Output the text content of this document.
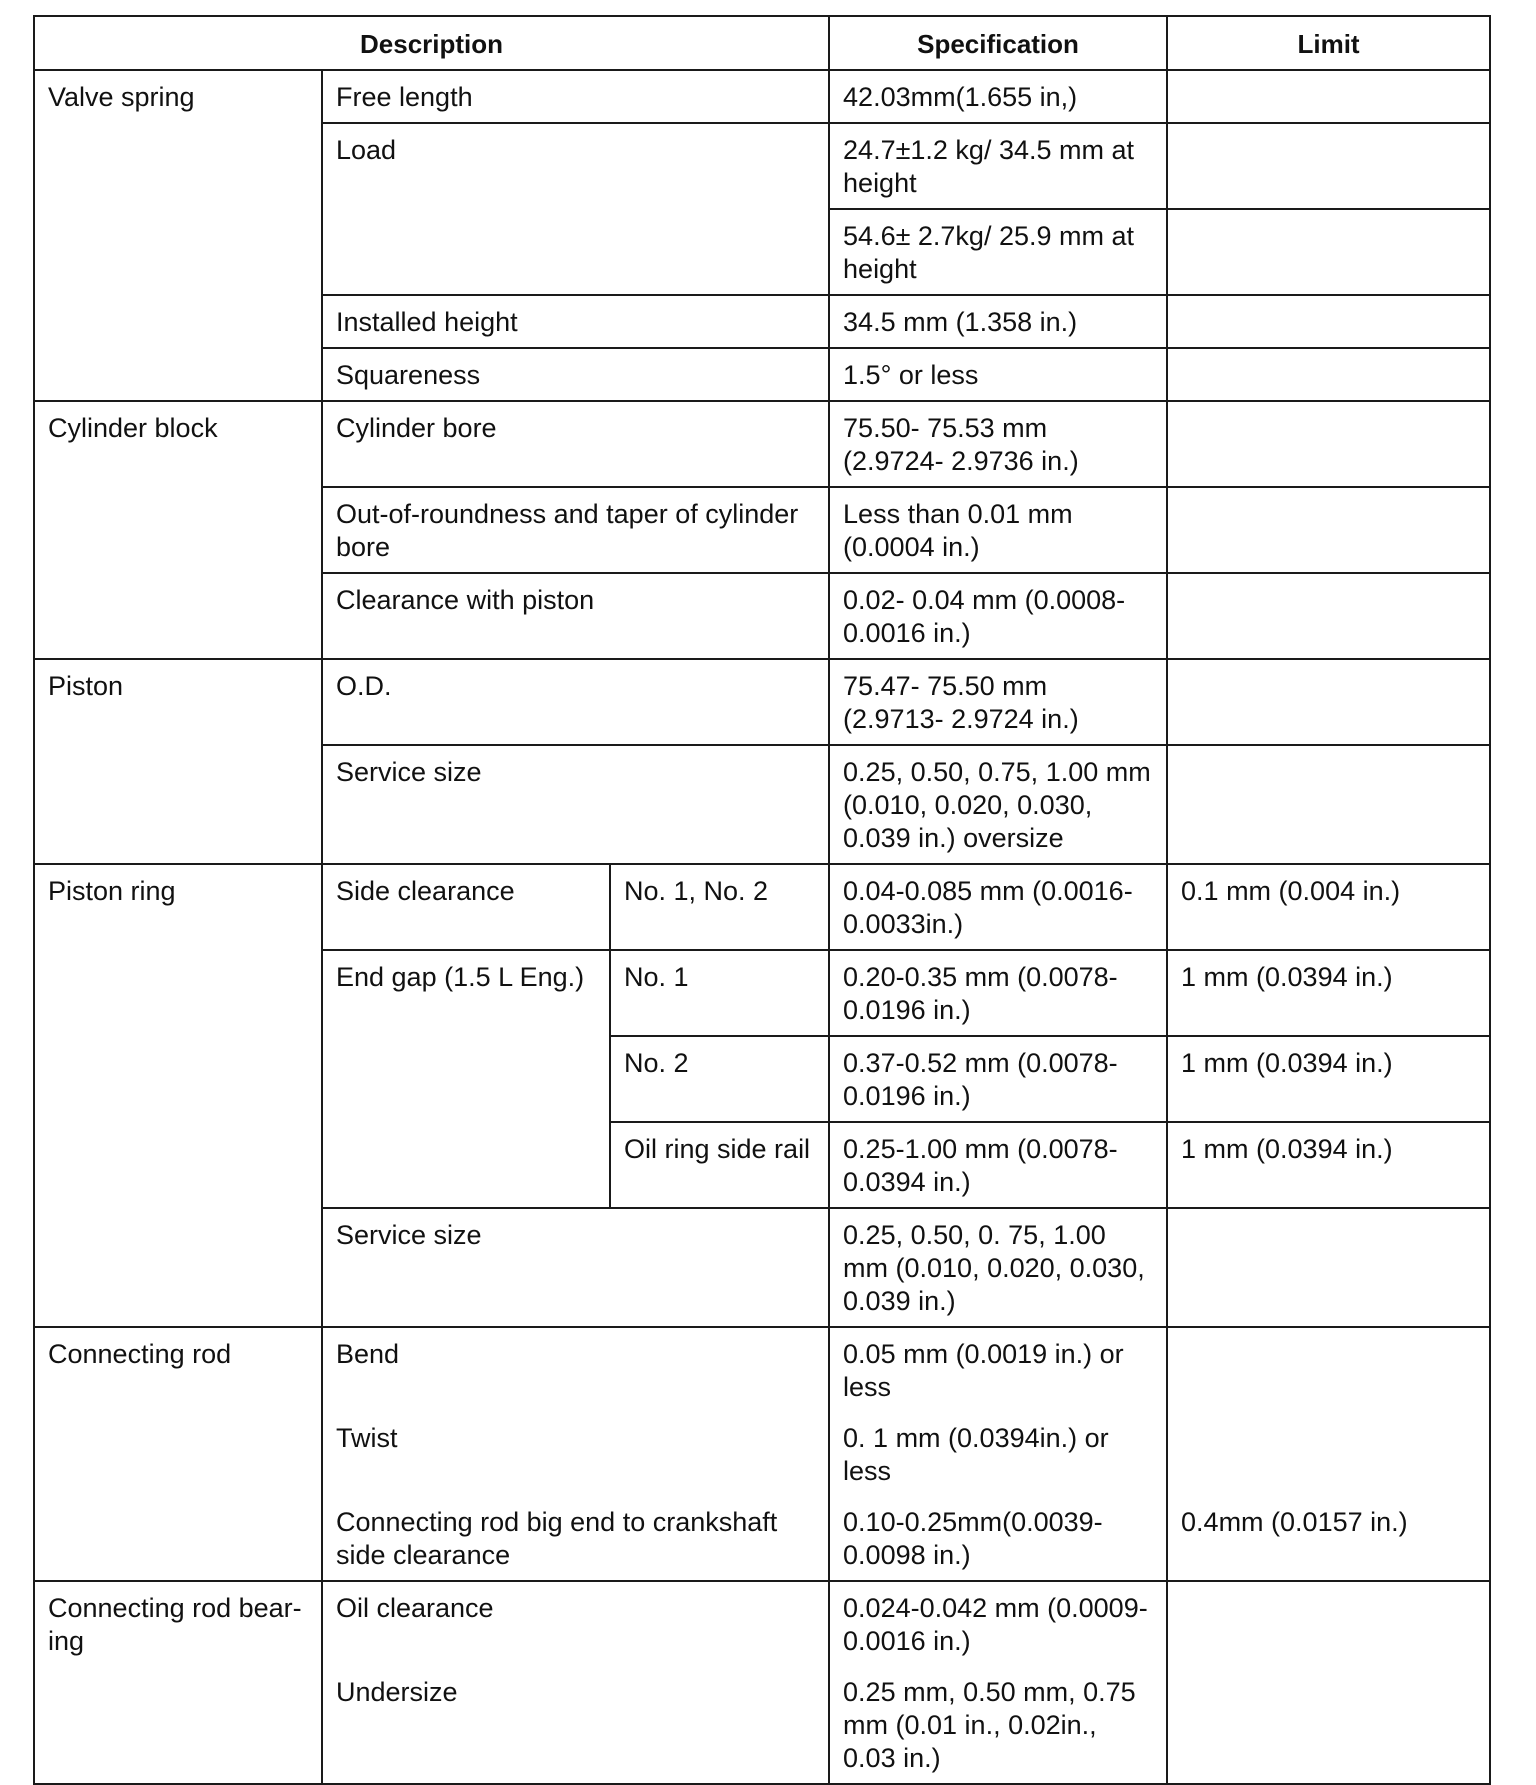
Description			Specification	Limit
Valve spring	Free length		42.03mm(1.655 in,)	
	Load		24.7±1.2 kg/ 34.5 mm at height	
			54.6± 2.7kg/ 25.9 mm at height	
	Installed height		34.5 mm (1.358 in.)	
	Squareness		1.5° or less	
Cylinder block	Cylinder bore		75.50- 75.53 mm (2.9724- 2.9736 in.)	
	Out-of-roundness and taper of cylinder bore		Less than 0.01 mm (0.0004 in.)	
	Clearance with piston		0.02- 0.04 mm (0.0008- 0.0016 in.)	
Piston	O.D.		75.47- 75.50 mm (2.9713- 2.9724 in.)	
	Service size		0.25, 0.50, 0.75, 1.00 mm (0.010, 0.020, 0.030, 0.039 in.) oversize	
Piston ring	Side clearance	No. 1, No. 2	0.04-0.085 mm (0.0016- 0.0033in.)	0.1 mm (0.004 in.)
	End gap (1.5 L Eng.)	No. 1	0.20-0.35 mm (0.0078- 0.0196 in.)	1 mm (0.0394 in.)
		No. 2	0.37-0.52 mm (0.0078- 0.0196 in.)	1 mm (0.0394 in.)
		Oil ring side rail	0.25-1.00 mm (0.0078- 0.0394 in.)	1 mm (0.0394 in.)
	Service size		0.25, 0.50, 0. 75, 1.00 mm (0.010, 0.020, 0.030, 0.039 in.)	
Connecting rod	Bend		0.05 mm (0.0019 in.) or less	
	Twist		0. 1 mm (0.0394in.) or less	
	Connecting rod big end to crankshaft side clearance		0.10-0.25mm(0.0039- 0.0098 in.)	0.4mm (0.0157 in.)
Connecting rod bear- ing	Oil clearance		0.024-0.042 mm (0.0009-0.0016 in.)	
	Undersize		0.25 mm, 0.50 mm, 0.75 mm (0.01 in., 0.02in., 0.03 in.)	
